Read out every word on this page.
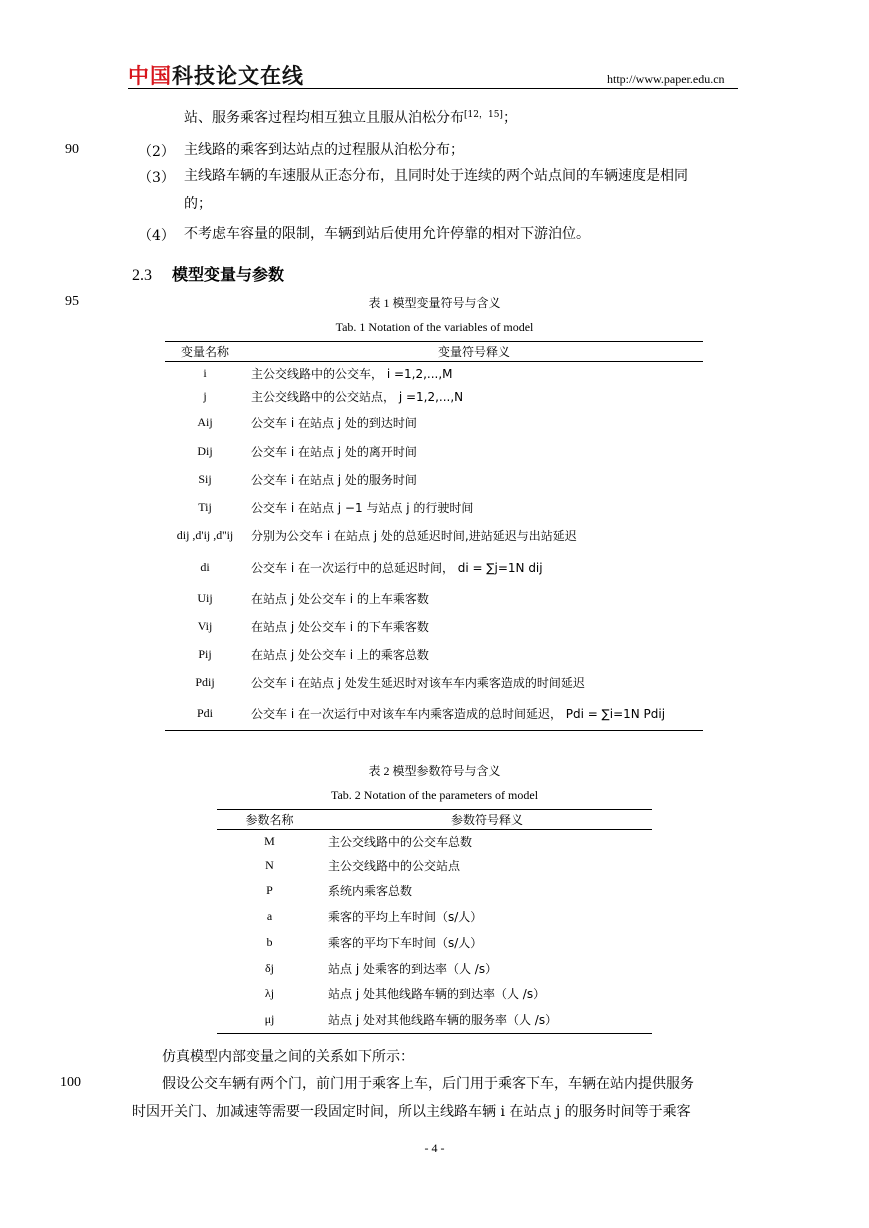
中国科技论文在线	http://www.paper.edu.cn
站、服务乘客过程均相互独立且服从泊松分布[12，15]；
90	（2） 主线路的乘客到达站点的过程服从泊松分布；
（3） 主线路车辆的车速服从正态分布，且同时处于连续的两个站点间的车辆速度是相同
的；
（4） 不考虑车容量的限制，车辆到站后使用允许停靠的相对下游泊位。
2.3 模型变量与参数
95	表 1 模型变量符号与含义
Tab. 1 Notation of the variables of model
变量名称	变量符号释义
i	主公交线路中的公交车， i =1,2,...,M
j	主公交线路中的公交站点， j =1,2,...,N
Aij	公交车 i 在站点 j 处的到达时间
Dij	公交车 i 在站点 j 处的离开时间
Sij	公交车 i 在站点 j 处的服务时间
Tij	公交车 i 在站点 j −1 与站点 j 的行驶时间
dij ,d'ij ,d''ij	分别为公交车 i 在站点 j 处的总延迟时间,进站延迟与出站延迟
di	公交车 i 在一次运行中的总延迟时间， di = ∑j=1N dij
Uij	在站点 j 处公交车 i 的上车乘客数
Vij	在站点 j 处公交车 i 的下车乘客数
Pij	在站点 j 处公交车 i 上的乘客总数
Pdij	公交车 i 在站点 j 处发生延迟时对该车车内乘客造成的时间延迟
Pdi	公交车 i 在一次运行中对该车车内乘客造成的总时间延迟， Pdi = ∑i=1N Pdij
表 2 模型参数符号与含义
Tab. 2 Notation of the parameters of model
参数名称	参数符号释义
M	主公交线路中的公交车总数
N	主公交线路中的公交站点
P	系统内乘客总数
a	乘客的平均上车时间（s/人）
b	乘客的平均下车时间（s/人）
δj	站点 j 处乘客的到达率（人 /s）
λj	站点 j 处其他线路车辆的到达率（人 /s）
μj	站点 j 处对其他线路车辆的服务率（人 /s）
仿真模型内部变量之间的关系如下所示：
100	假设公交车辆有两个门，前门用于乘客上车，后门用于乘客下车，车辆在站内提供服务
时因开关门、加减速等需要一段固定时间，所以主线路车辆 i 在站点 j 的服务时间等于乘客
- 4 -
